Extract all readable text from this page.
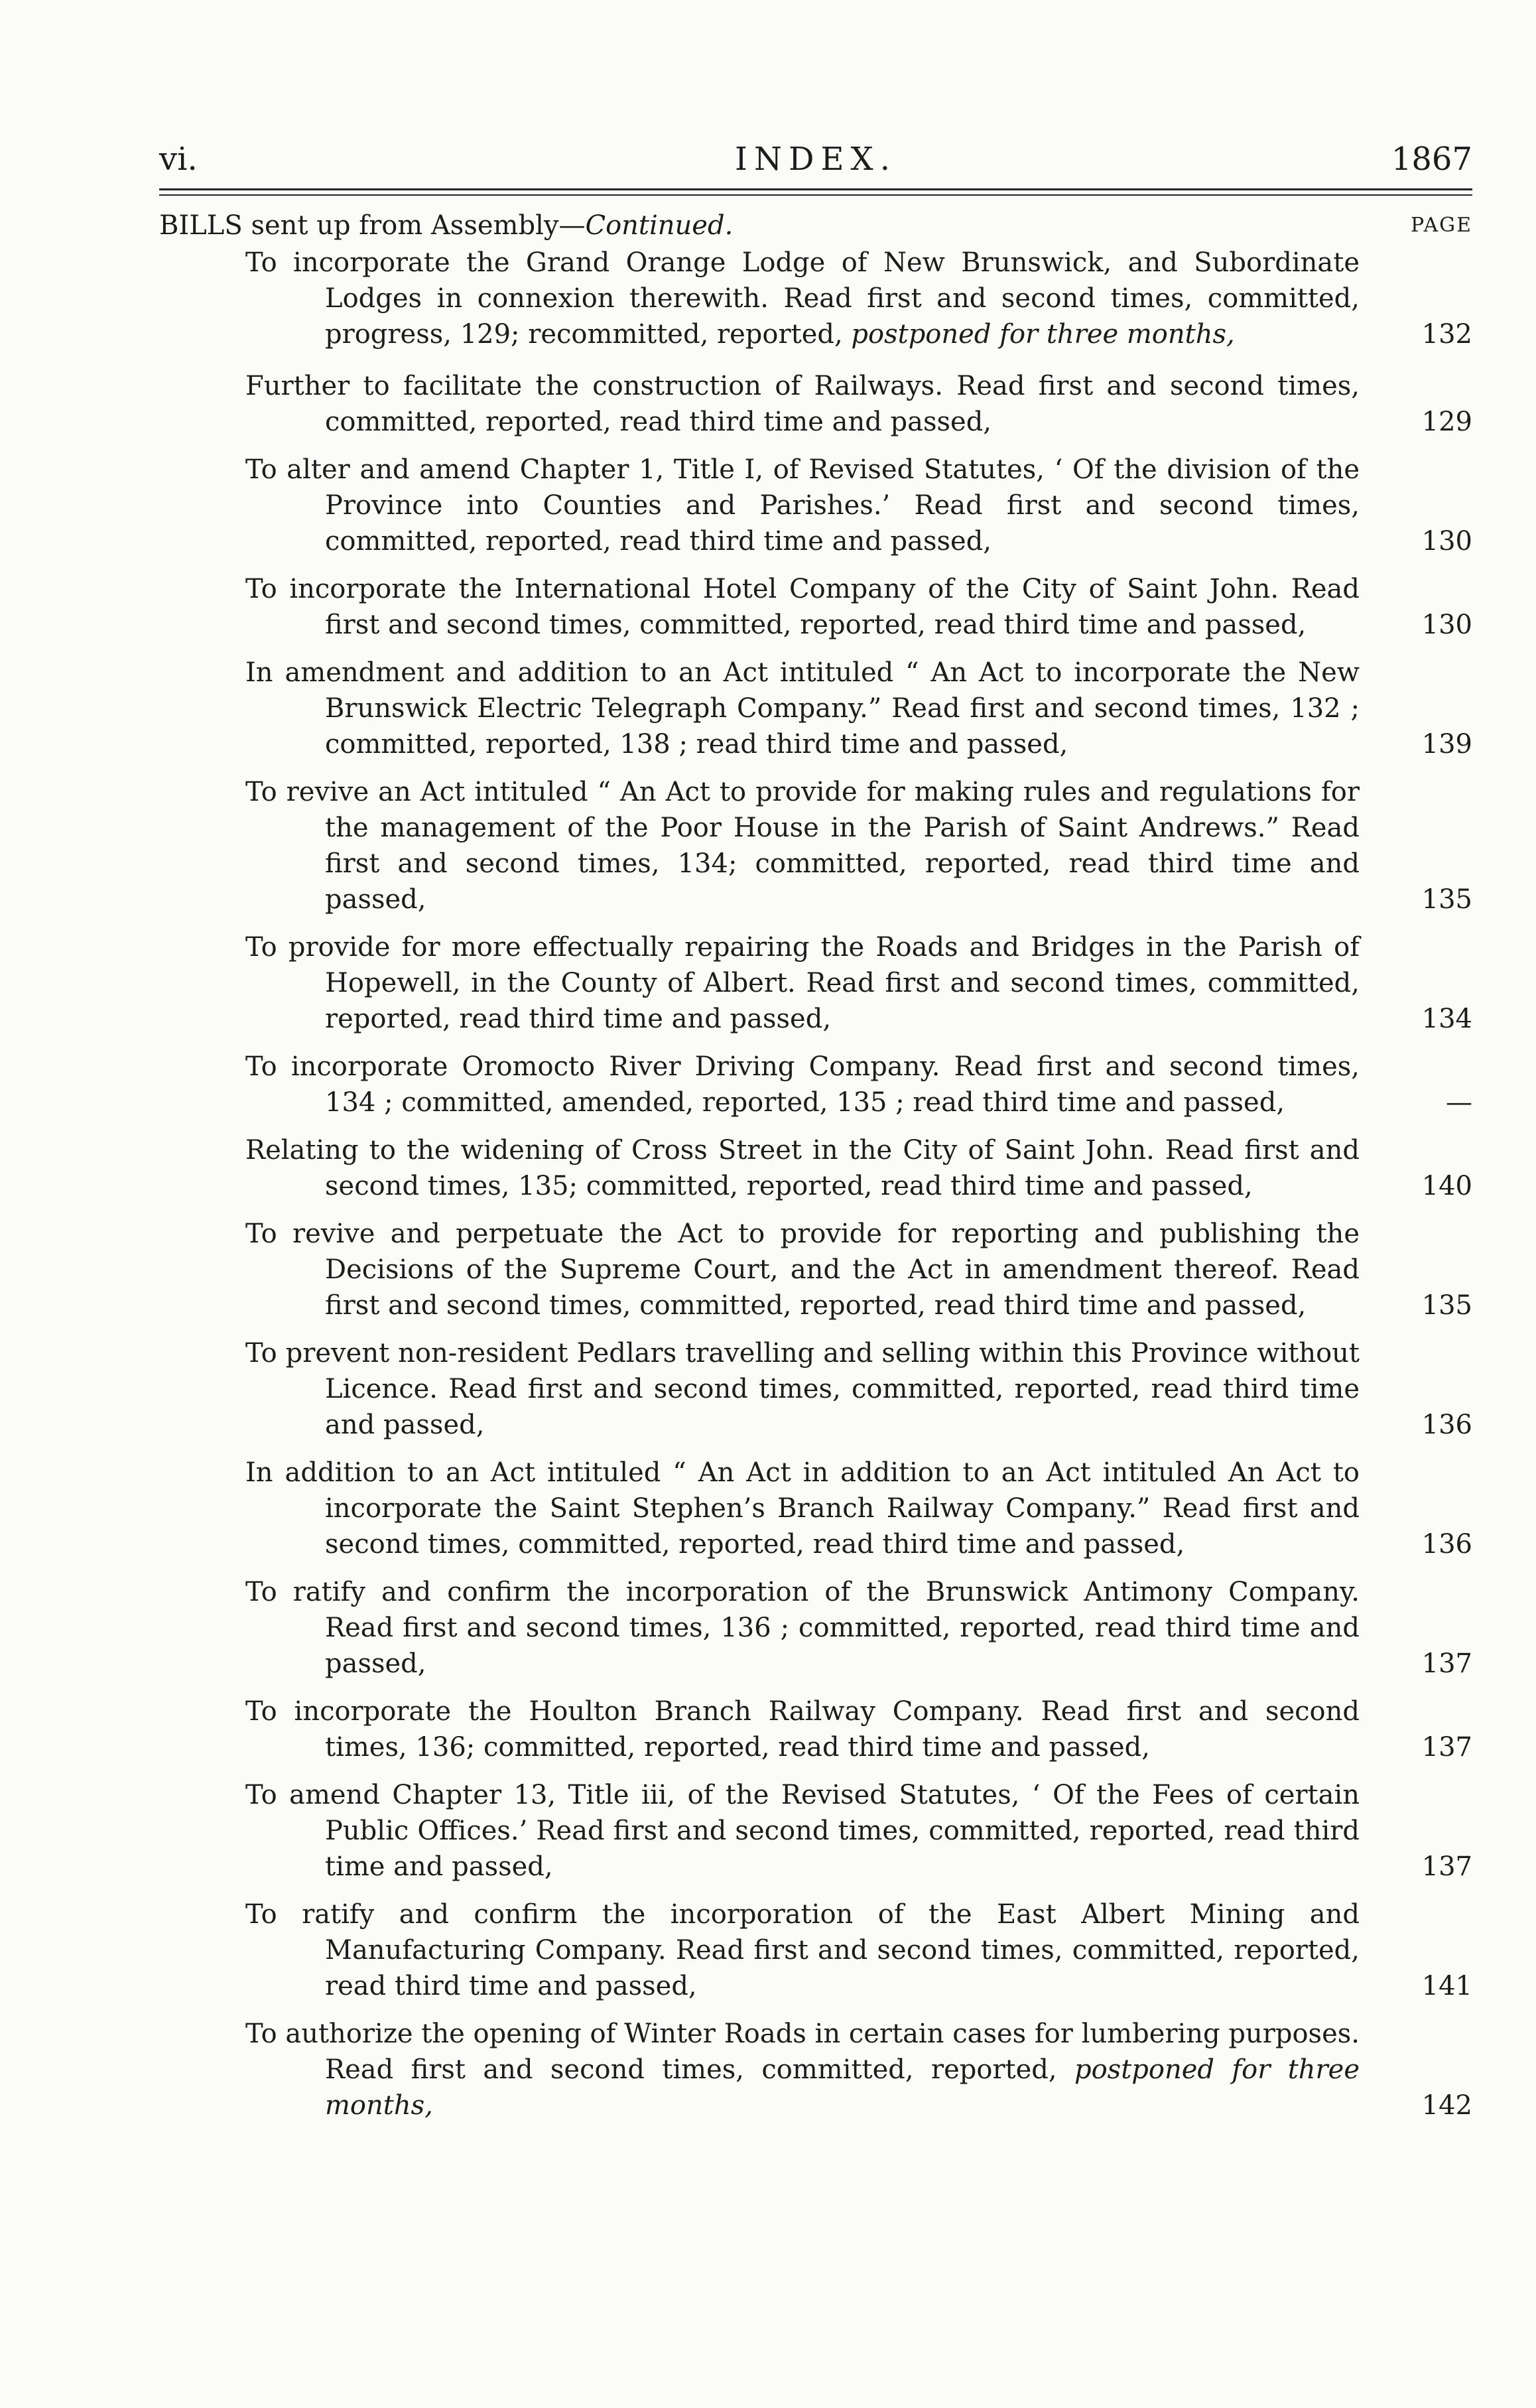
vi.	INDEX.	1867
BILLS sent up from Assembly—Continued.	PAGE
To incorporate the Grand Orange Lodge of New Brunswick, and Subordinate Lodges in connexion therewith. Read first and second times, committed, progress, 129; recommitted, reported, postponed for three months,	132
Further to facilitate the construction of Railways. Read first and second times, committed, reported, read third time and passed,	129
To alter and amend Chapter 1, Title I, of Revised Statutes, ‘ Of the division of the Province into Counties and Parishes.’ Read first and second times, committed, reported, read third time and passed,	130
To incorporate the International Hotel Company of the City of Saint John. Read first and second times, committed, reported, read third time and passed,	130
In amendment and addition to an Act intituled “ An Act to incorporate the New Brunswick Electric Telegraph Company.” Read first and second times, 132 ; committed, reported, 138 ; read third time and passed,	139
To revive an Act intituled “ An Act to provide for making rules and regulations for the management of the Poor House in the Parish of Saint Andrews.” Read first and second times, 134; committed, reported, read third time and passed,	135
To provide for more effectually repairing the Roads and Bridges in the Parish of Hopewell, in the County of Albert. Read first and second times, committed, reported, read third time and passed,	134
To incorporate Oromocto River Driving Company. Read first and second times, 134 ; committed, amended, reported, 135 ; read third time and passed,	—
Relating to the widening of Cross Street in the City of Saint John. Read first and second times, 135; committed, reported, read third time and passed,	140
To revive and perpetuate the Act to provide for reporting and publishing the Decisions of the Supreme Court, and the Act in amendment thereof. Read first and second times, committed, reported, read third time and passed,	135
To prevent non-resident Pedlars travelling and selling within this Province without Licence. Read first and second times, committed, reported, read third time and passed,	136
In addition to an Act intituled “ An Act in addition to an Act intituled An Act to incorporate the Saint Stephen’s Branch Railway Company.” Read first and second times, committed, reported, read third time and passed,	136
To ratify and confirm the incorporation of the Brunswick Antimony Company. Read first and second times, 136 ; committed, reported, read third time and passed,	137
To incorporate the Houlton Branch Railway Company. Read first and second times, 136; committed, reported, read third time and passed,	137
To amend Chapter 13, Title iii, of the Revised Statutes, ‘ Of the Fees of certain Public Offices.’ Read first and second times, committed, reported, read third time and passed,	137
To ratify and confirm the incorporation of the East Albert Mining and Manufacturing Company. Read first and second times, committed, reported, read third time and passed,	141
To authorize the opening of Winter Roads in certain cases for lumbering purposes. Read first and second times, committed, reported, postponed for three months,	142
